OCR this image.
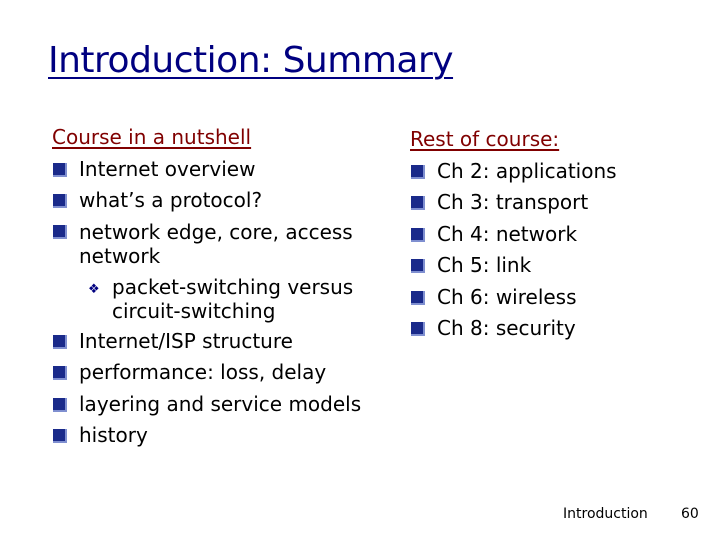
Introduction: Summary
Course in a nutshell
Internet overview
what’s a protocol?
network edge, core, access network
❖ packet-switching versus circuit-switching
Internet/ISP structure
performance: loss, delay
layering and service models
history
Rest of course:
Ch 2: applications
Ch 3: transport
Ch 4: network
Ch 5: link
Ch 6: wireless
Ch 8: security
Introduction 60
